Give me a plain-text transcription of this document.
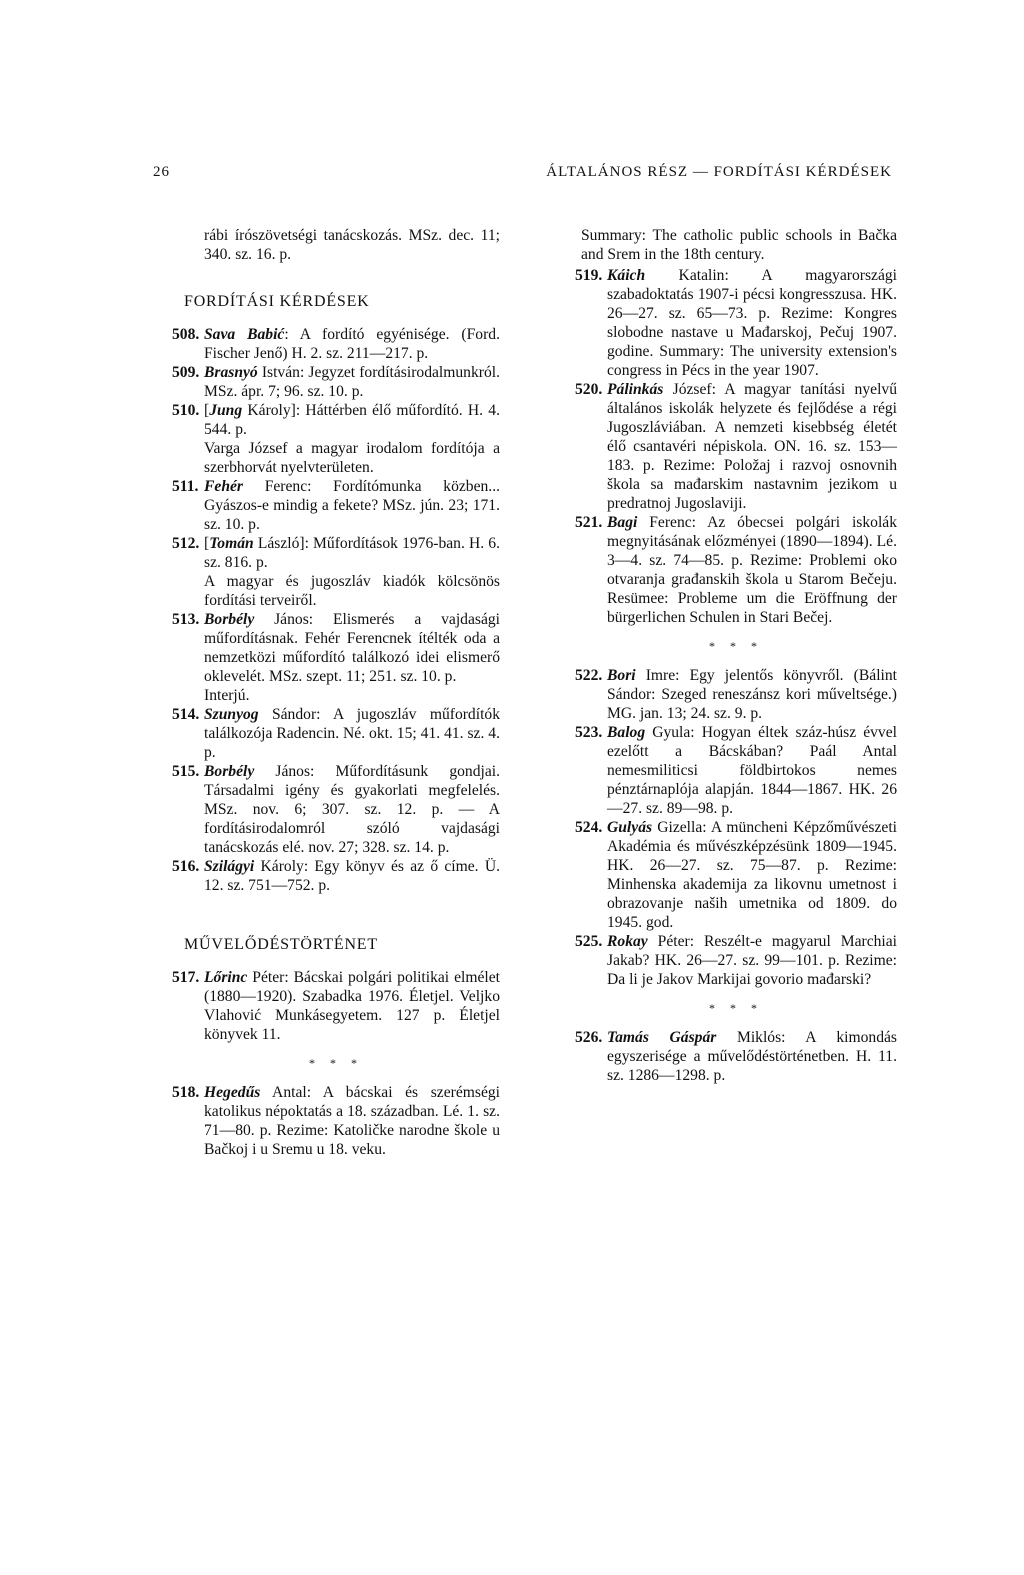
26	ÁLTALÁNOS RÉSZ — FORDÍTÁSI KÉRDÉSEK
rábi írószövetségi tanácskozás. MSz. dec. 11; 340. sz. 16. p.
FORDÍTÁSI KÉRDÉSEK
508. Sava Babić: A fordító egyénisége. (Ford. Fischer Jenő) H. 2. sz. 211—217. p.
509. Brasnyó István: Jegyzet fordításirodalmunkról. MSz. ápr. 7; 96. sz. 10. p.
510. [Jung Károly]: Háttérben élő műfordító. H. 4. 544. p.
Varga József a magyar irodalom fordítója a szerbhorvát nyelvterületen.
511. Fehér Ferenc: Fordítómunka közben... Gyászos-e mindig a fekete? MSz. jún. 23; 171. sz. 10. p.
512. [Tomán László]: Műfordítások 1976-ban. H. 6. sz. 816. p.
A magyar és jugoszláv kiadók kölcsönös fordítási terveiről.
513. Borbély János: Elismerés a vajdasági műfordításnak. Fehér Ferencnek ítélték oda a nemzetközi műfordító találkozó idei elismerő oklevelét. MSz. szept. 11; 251. sz. 10. p.
Interjú.
514. Szunyog Sándor: A jugoszláv műfordítók találkozója Radencin. Né. okt. 15; 41. 41. sz. 4. p.
515. Borbély János: Műfordításunk gondjai. Társadalmi igény és gyakorlati megfelelés. MSz. nov. 6; 307. sz. 12. p. — A fordításirodalomról szóló vajdasági tanácskozás elé. nov. 27; 328. sz. 14. p.
516. Szilágyi Károly: Egy könyv és az ő címe. Ü. 12. sz. 751—752. p.
MŰVELŐDÉSTÖRTÉNET
517. Lőrinc Péter: Bácskai polgári politikai elmélet (1880—1920). Szabadka 1976. Életjel. Veljko Vlahović Munkásegyetem. 127 p. Életjel könyvek 11.
* * *
518. Hegedűs Antal: A bácskai és szerémségi katolikus népoktatás a 18. században. Lé. 1. sz. 71—80. p. Rezime: Katoličke narodne škole u Bačkoj i u Sremu u 18. veku.
Summary: The catholic public schools in Bačka and Srem in the 18th century.
519. Káich Katalin: A magyarországi szabadoktatás 1907-i pécsi kongresszusa. HK. 26—27. sz. 65—73. p. Rezime: Kongres slobodne nastave u Mađarskoj, Pečuj 1907. godine. Summary: The university extension's congress in Pécs in the year 1907.
520. Pálinkás József: A magyar tanítási nyelvű általános iskolák helyzete és fejlődése a régi Jugoszláviában. A nemzeti kisebbség életét élő csantavéri népiskola. ON. 16. sz. 153—183. p. Rezime: Položaj i razvoj osnovnih škola sa mađarskim nastavnim jezikom u predratnoj Jugoslaviji.
521. Bagi Ferenc: Az óbecsei polgári iskolák megnyitásának előzményei (1890—1894). Lé. 3—4. sz. 74—85. p. Rezime: Problemi oko otvaranja građanskih škola u Starom Bečeju. Resümee: Probleme um die Eröffnung der bürgerlichen Schulen in Stari Bečej.
* * *
522. Bori Imre: Egy jelentős könyvről. (Bálint Sándor: Szeged reneszánsz kori műveltsége.) MG. jan. 13; 24. sz. 9. p.
523. Balog Gyula: Hogyan éltek száz-húsz évvel ezelőtt a Bácskában? Paál Antal nemesmiliticsi földbirtokos nemes pénztárnaplója alapján. 1844—1867. HK. 26—27. sz. 89—98. p.
524. Gulyás Gizella: A müncheni Képzőművészeti Akadémia és művészképzésünk 1809—1945. HK. 26—27. sz. 75—87. p. Rezime: Minhenska akademija za likovnu umetnost i obrazovanje naših umetnika od 1809. do 1945. god.
525. Rokay Péter: Reszélt-e magyarul Marchiai Jakab? HK. 26—27. sz. 99—101. p. Rezime: Da li je Jakov Markijai govorio mađarski?
* * *
526. Tamás Gáspár Miklós: A kimondás egyszerisége a művelődéstörténetben. H. 11. sz. 1286—1298. p.
